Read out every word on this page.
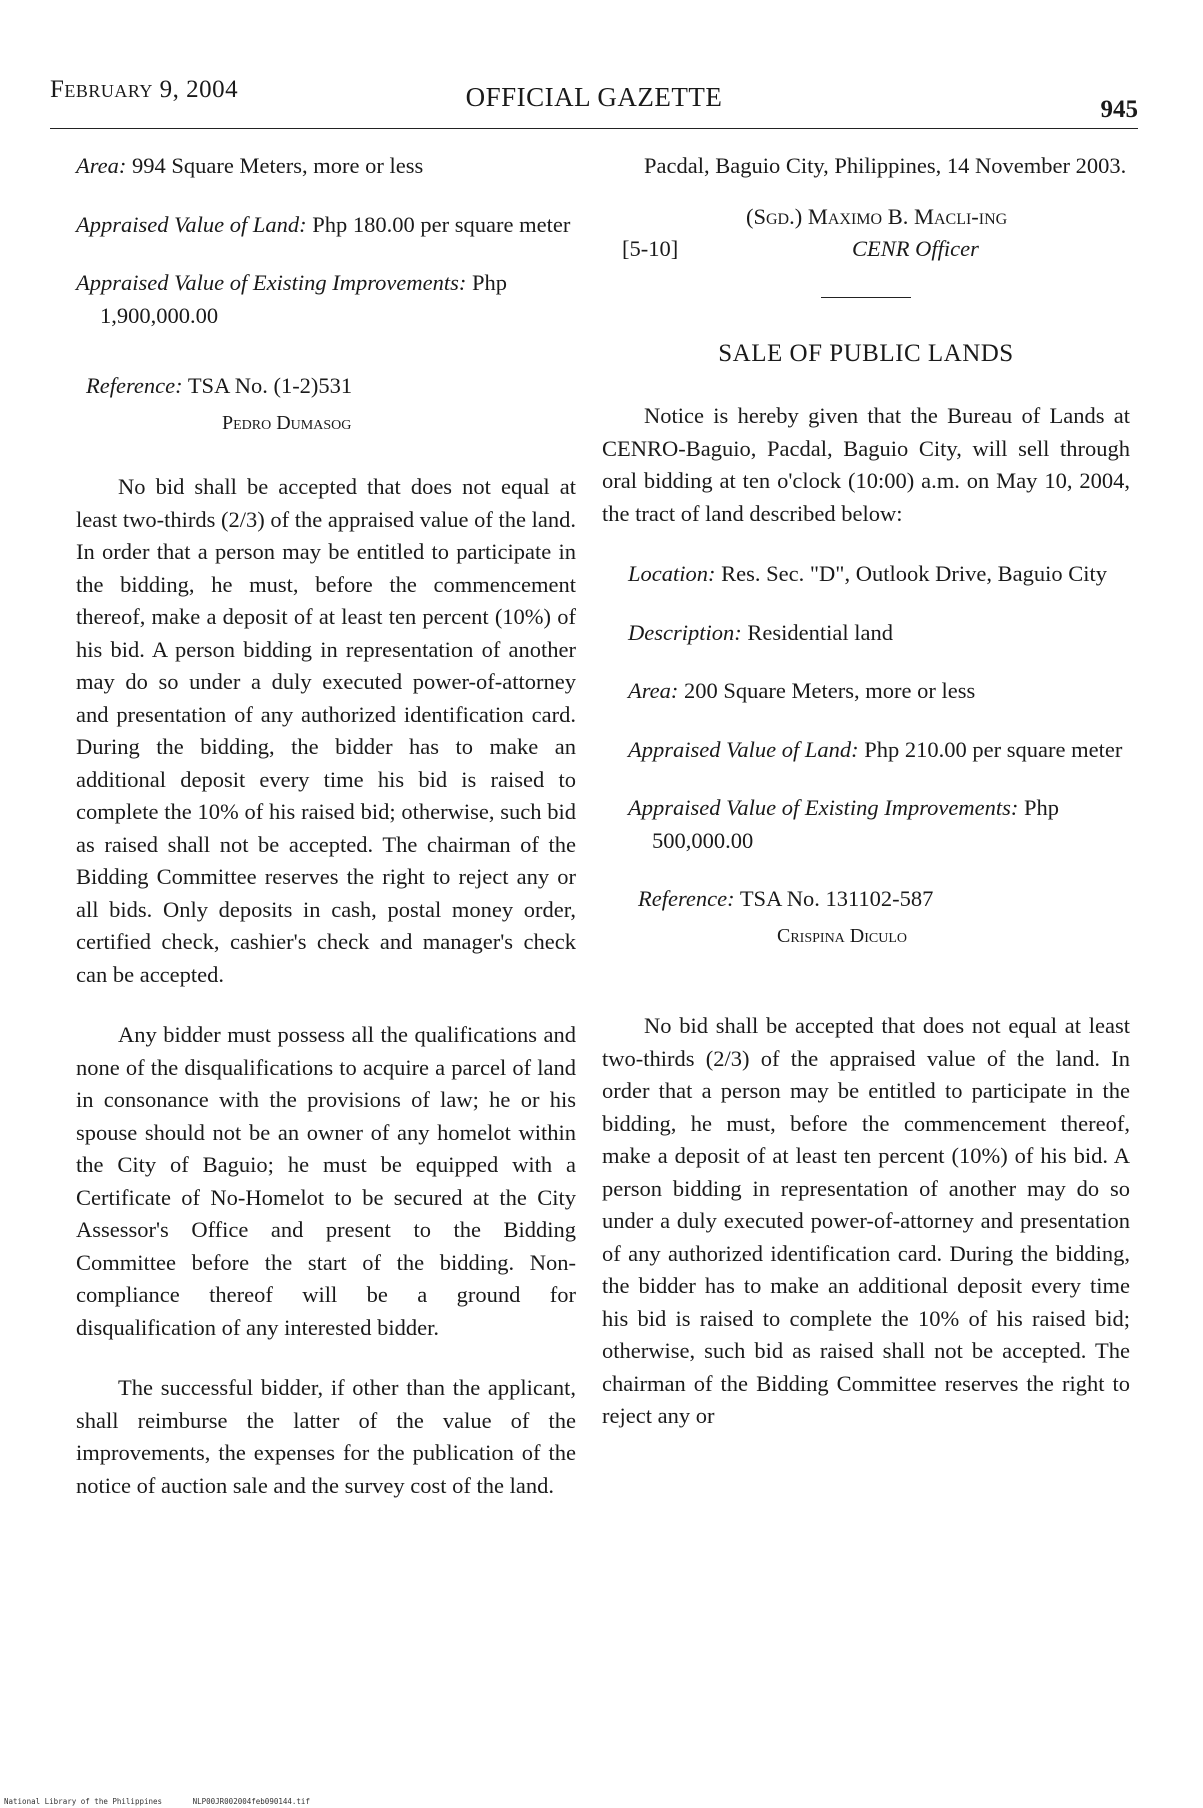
February 9, 2004	OFFICIAL GAZETTE	945

Area: 994 Square Meters, more or less

Appraised Value of Land: Php 180.00 per square meter

Appraised Value of Existing Improvements: Php 1,900,000.00

Reference: TSA No. (1-2)531

Pedro Dumasog

No bid shall be accepted that does not equal at least two-thirds (2/3) of the appraised value of the land. In order that a person may be entitled to participate in the bidding, he must, before the commencement thereof, make a deposit of at least ten percent (10%) of his bid. A person bidding in representation of another may do so under a duly executed power-of-attorney and presentation of any authorized identification card. During the bidding, the bidder has to make an additional deposit every time his bid is raised to complete the 10% of his raised bid; otherwise, such bid as raised shall not be accepted. The chairman of the Bidding Committee reserves the right to reject any or all bids. Only deposits in cash, postal money order, certified check, cashier's check and manager's check can be accepted.

Any bidder must possess all the qualifications and none of the disqualifications to acquire a parcel of land in consonance with the provisions of law; he or his spouse should not be an owner of any homelot within the City of Baguio; he must be equipped with a Certificate of No-Homelot to be secured at the City Assessor's Office and present to the Bidding Committee before the start of the bidding. Non-compliance thereof will be a ground for disqualification of any interested bidder.

The successful bidder, if other than the applicant, shall reimburse the latter of the value of the improvements, the expenses for the publication of the notice of auction sale and the survey cost of the land.

Pacdal, Baguio City, Philippines, 14 November 2003.

(Sgd.) Maximo B. Macli-ing
[5-10]	CENR Officer
SALE OF PUBLIC LANDS

Notice is hereby given that the Bureau of Lands at CENRO-Baguio, Pacdal, Baguio City, will sell through oral bidding at ten o'clock (10:00) a.m. on May 10, 2004, the tract of land described below:

Location: Res. Sec. "D", Outlook Drive, Baguio City

Description: Residential land

Area: 200 Square Meters, more or less

Appraised Value of Land: Php 210.00 per square meter

Appraised Value of Existing Improvements: Php 500,000.00

Reference: TSA No. 131102-587

Crispina Diculo

No bid shall be accepted that does not equal at least two-thirds (2/3) of the appraised value of the land. In order that a person may be entitled to participate in the bidding, he must, before the commencement thereof, make a deposit of at least ten percent (10%) of his bid. A person bidding in representation of another may do so under a duly executed power-of-attorney and presentation of any authorized identification card. During the bidding, the bidder has to make an additional deposit every time his bid is raised to complete the 10% of his raised bid; otherwise, such bid as raised shall not be accepted. The chairman of the Bidding Committee reserves the right to reject any or

National Library of the Philippines	NLP00JR002004feb090144.tif
